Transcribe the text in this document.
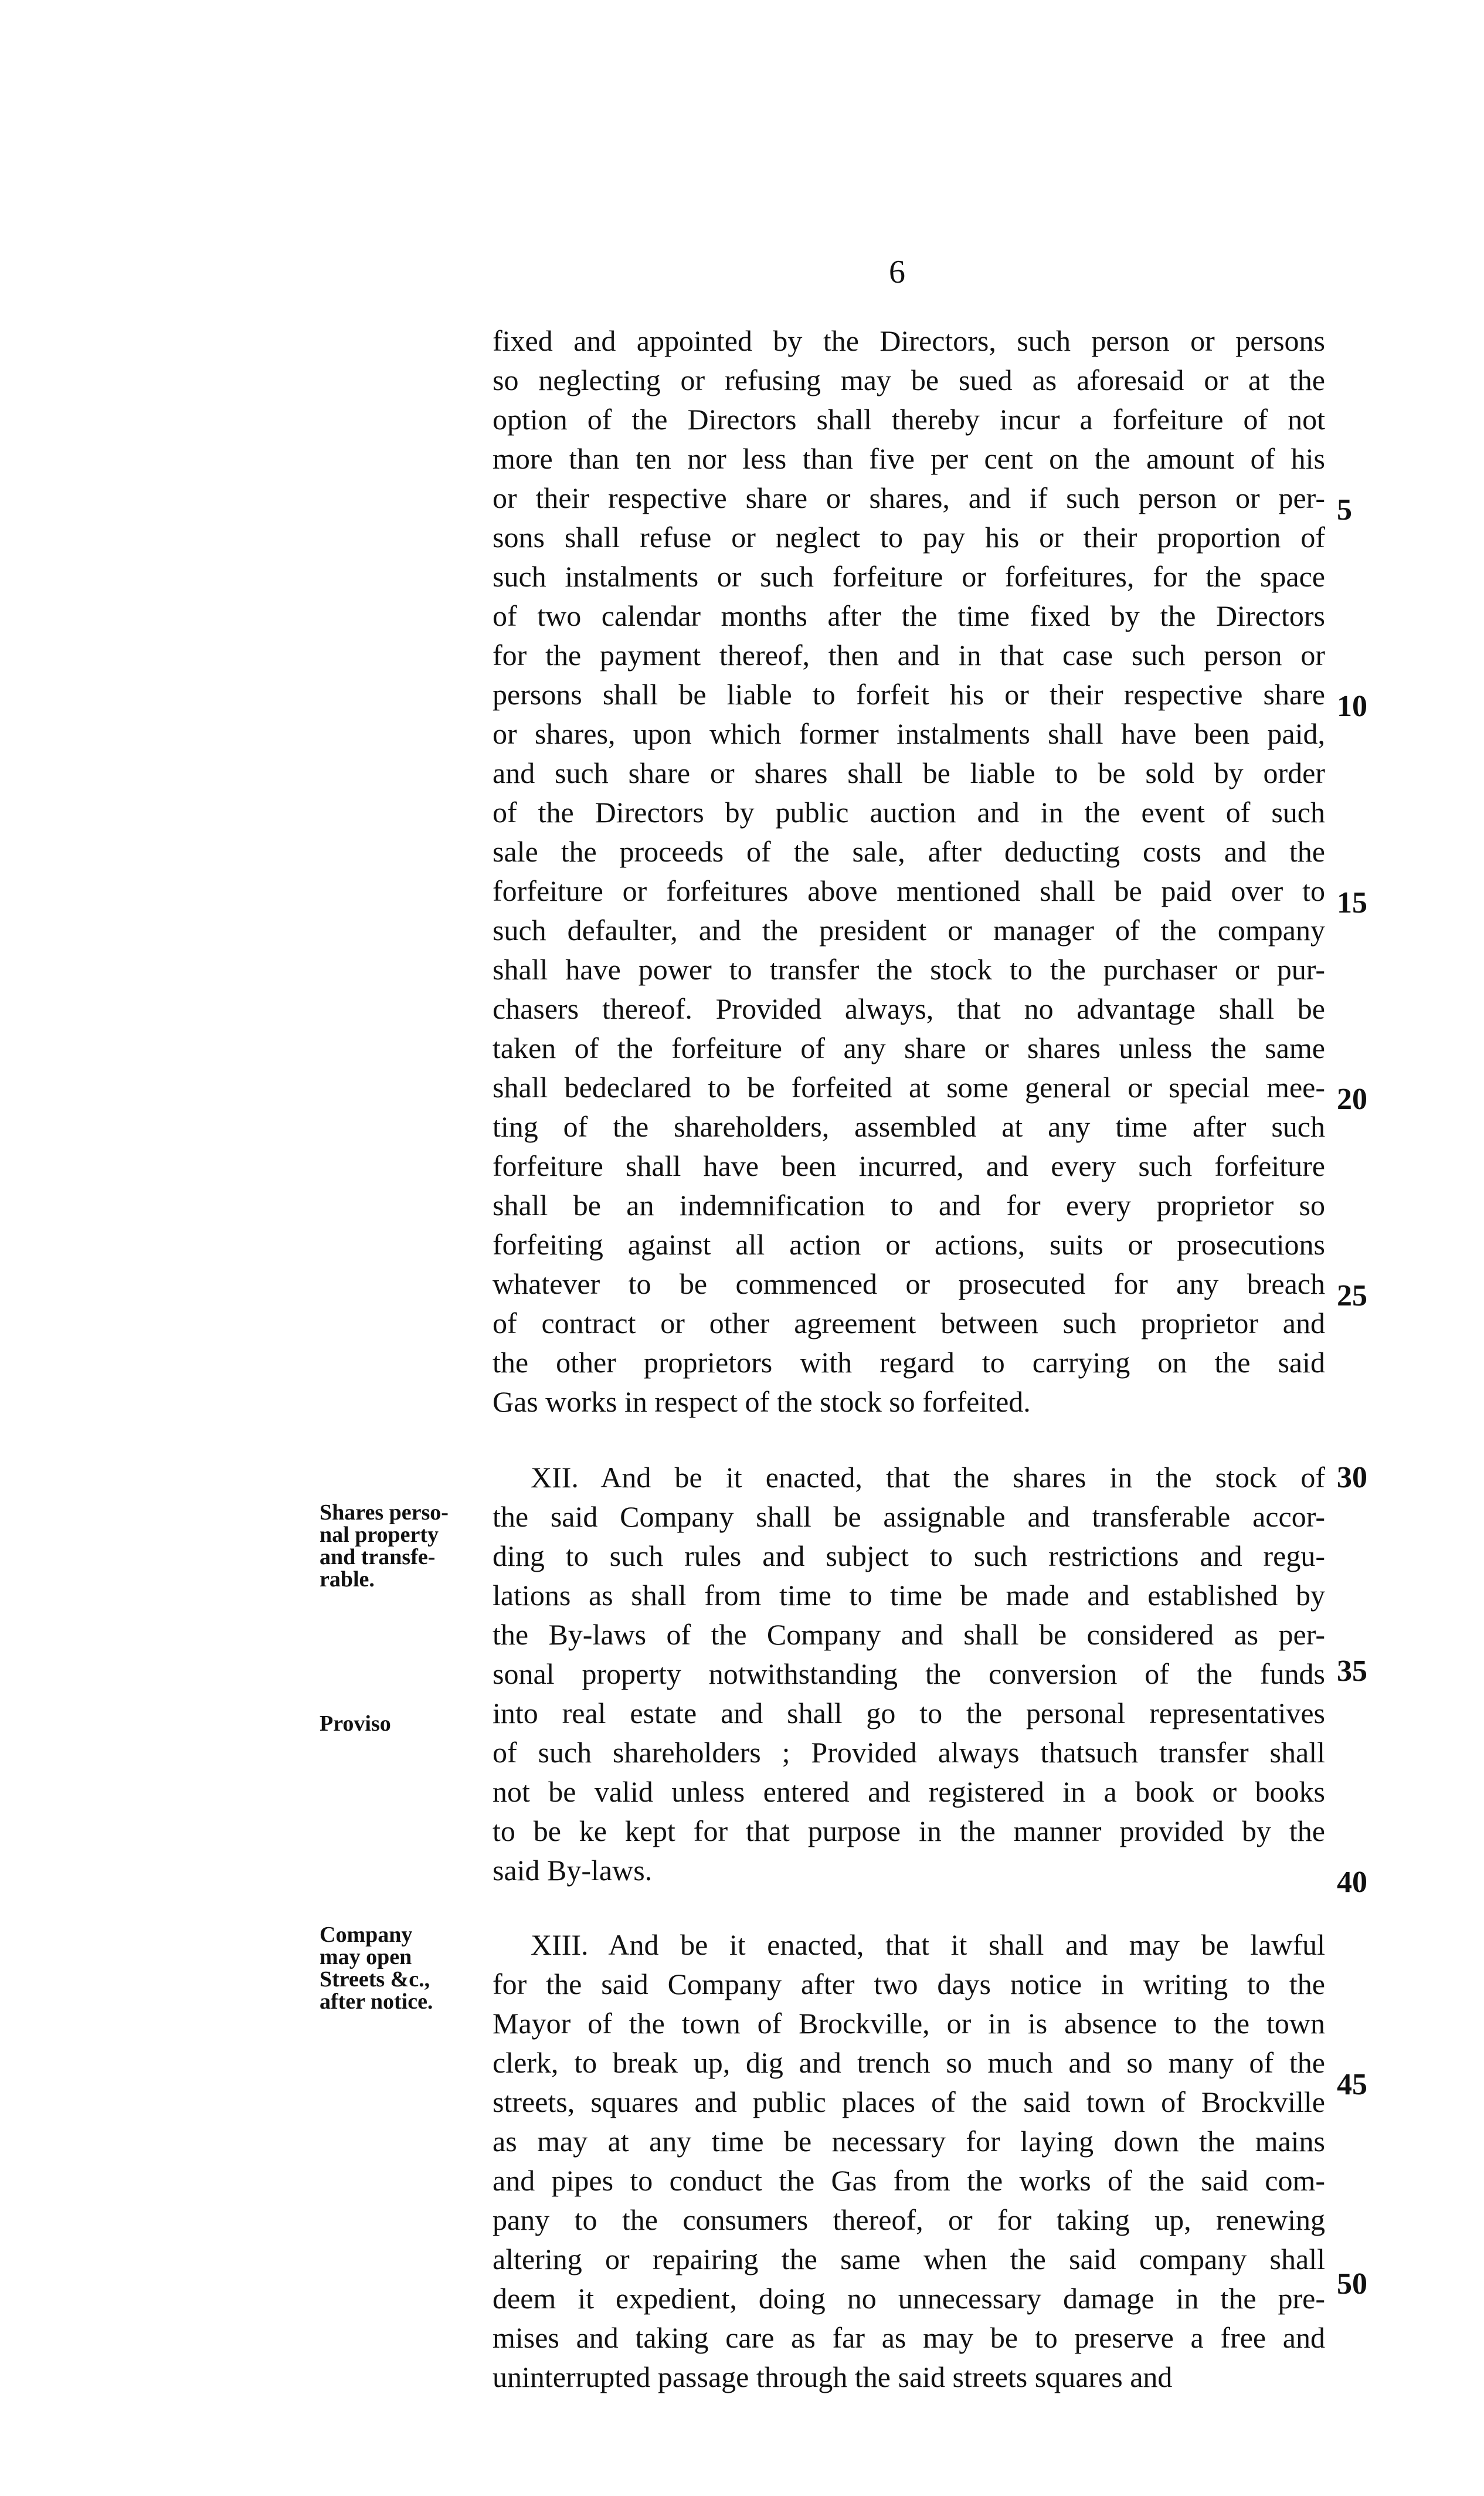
6
fixed and appointed by the Directors, such person or persons
so neglecting or refusing may be sued as aforesaid or at the
option of the Directors shall thereby incur a forfeiture of not
more than ten nor less than five per cent on the amount of his
or their respective share or shares, and if such person or per-
sons shall refuse or neglect to pay his or their proportion of
such instalments or such forfeiture or forfeitures, for the space
of two calendar months after the time fixed by the Directors
for the payment thereof, then and in that case such person or
persons shall be liable to forfeit his or their respective share
or shares, upon which former instalments shall have been paid,
and such share or shares shall be liable to be sold by order
of the Directors by public auction and in the event of such
sale the proceeds of the sale, after deducting costs and the
forfeiture or forfeitures above mentioned shall be paid over to
such defaulter, and the president or manager of the company
shall have power to transfer the stock to the purchaser or pur-
chasers thereof. Provided always, that no advantage shall be
taken of the forfeiture of any share or shares unless the same
shall bedeclared to be forfeited at some general or special mee-
ting of the shareholders, assembled at any time after such
forfeiture shall have been incurred, and every such forfeiture
shall be an indemnification to and for every proprietor so
forfeiting against all action or actions, suits or prosecutions
whatever to be commenced or prosecuted for any breach
of contract or other agreement between such proprietor and
the other proprietors with regard to carrying on the said
Gas works in respect of the stock so forfeited.
XII. And be it enacted, that the shares in the stock of
the said Company shall be assignable and transferable accor-
ding to such rules and subject to such restrictions and regu-
lations as shall from time to time be made and established by
the By-laws of the Company and shall be considered as per-
sonal property notwithstanding the conversion of the funds
into real estate and shall go to the personal representatives
of such shareholders ; Provided always thatsuch transfer shall
not be valid unless entered and registered in a book or books
to be ke kept for that purpose in the manner provided by the
said By-laws.
XIII. And be it enacted, that it shall and may be lawful
for the said Company after two days notice in writing to the
Mayor of the town of Brockville, or in is absence to the town
clerk, to break up, dig and trench so much and so many of the
streets, squares and public places of the said town of Brockville
as may at any time be necessary for laying down the mains
and pipes to conduct the Gas from the works of the said com-
pany to the consumers thereof, or for taking up, renewing
altering or repairing the same when the said company shall
deem it expedient, doing no unnecessary damage in the pre-
mises and taking care as far as may be to preserve a free and
uninterrupted passage through the said streets squares and
5
10
15
20
25
30
35
40
45
50
Shares perso-
nal property
and transfe-
rable.
Proviso
Company
may open
Streets &c.,
after notice.
